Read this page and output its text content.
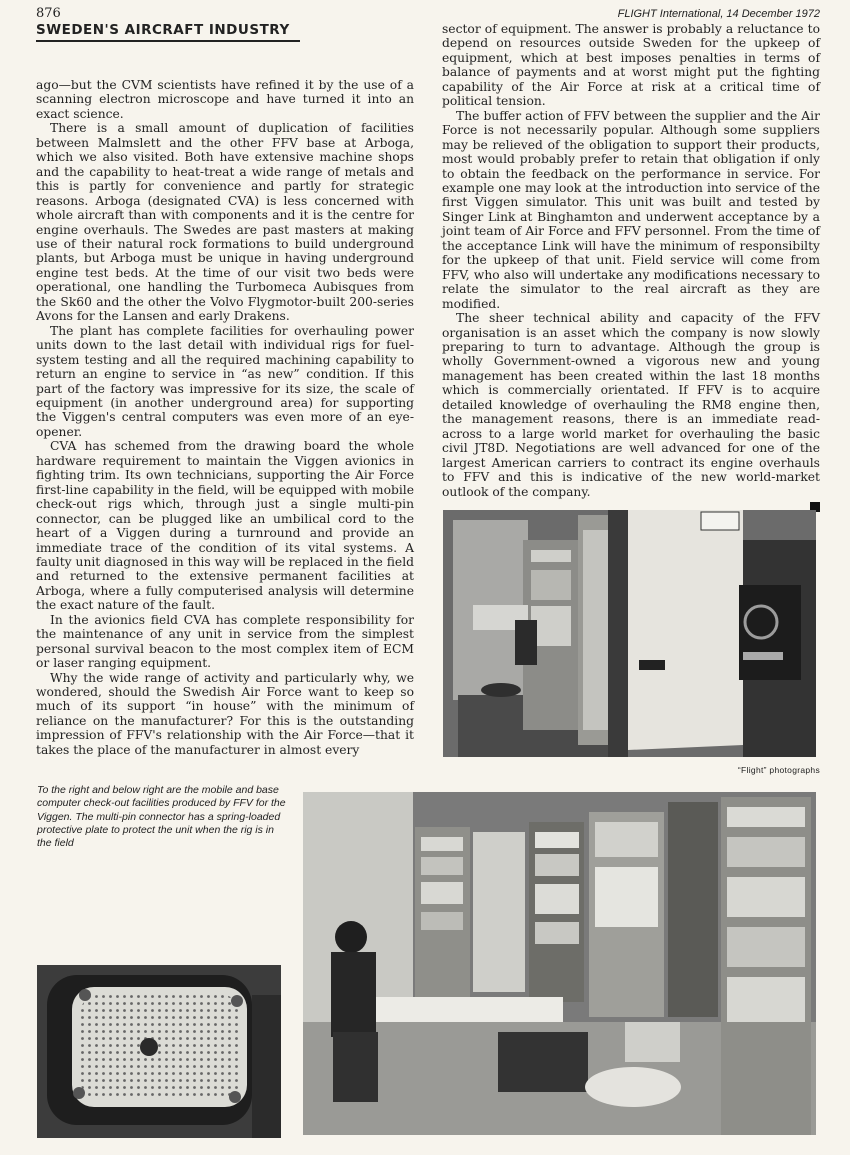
876
SWEDEN'S AIRCRAFT INDUSTRY
FLIGHT International, 14 December 1972

ago—but the CVM scientists have refined it by the use of a scanning electron microscope and have turned it into an exact science.

There is a small amount of duplication of facilities between Malmslett and the other FFV base at Arboga, which we also visited. Both have extensive machine shops and the capability to heat-treat a wide range of metals and this is partly for convenience and partly for strategic reasons. Arboga (designated CVA) is less concerned with whole aircraft than with components and it is the centre for engine overhauls. The Swedes are past masters at making use of their natural rock formations to build underground plants, but Arboga must be unique in having underground engine test beds. At the time of our visit two beds were operational, one handling the Turbomeca Aubisques from the Sk60 and the other the Volvo Flygmotor-built 200-series Avons for the Lansen and early Drakens.

The plant has complete facilities for overhauling power units down to the last detail with individual rigs for fuel-system testing and all the required machining capability to return an engine to service in “as new” condition. If this part of the factory was impressive for its size, the scale of equipment (in another underground area) for supporting the Viggen's central computers was even more of an eye-opener.

CVA has schemed from the drawing board the whole hardware requirement to maintain the Viggen avionics in fighting trim. Its own technicians, supporting the Air Force first-line capability in the field, will be equipped with mobile check-out rigs which, through just a single multi-pin connector, can be plugged like an umbilical cord to the heart of a Viggen during a turnround and provide an immediate trace of the condition of its vital systems. A faulty unit diagnosed in this way will be replaced in the field and returned to the extensive permanent facilities at Arboga, where a fully computerised analysis will determine the exact nature of the fault.

In the avionics field CVA has complete responsibility for the maintenance of any unit in service from the simplest personal survival beacon to the most complex item of ECM or laser ranging equipment.

Why the wide range of activity and particularly why, we wondered, should the Swedish Air Force want to keep so much of its support “in house” with the minimum of reliance on the manufacturer? For this is the outstanding impression of FFV's relationship with the Air Force—that it takes the place of the manufacturer in almost every

sector of equipment. The answer is probably a reluctance to depend on resources outside Sweden for the upkeep of equipment, which at best imposes penalties in terms of balance of payments and at worst might put the fighting capability of the Air Force at risk at a critical time of political tension.

The buffer action of FFV between the supplier and the Air Force is not necessarily popular. Although some suppliers may be relieved of the obligation to support their products, most would probably prefer to retain that obligation if only to obtain the feedback on the performance in service. For example one may look at the introduction into service of the first Viggen simulator. This unit was built and tested by Singer Link at Binghamton and underwent acceptance by a joint team of Air Force and FFV personnel. From the time of the acceptance Link will have the minimum of responsibilty for the upkeep of that unit. Field service will come from FFV, who also will undertake any modifications necessary to relate the simulator to the real aircraft as they are modified.

The sheer technical ability and capacity of the FFV organisation is an asset which the company is now slowly preparing to turn to advantage. Although the group is wholly Government-owned a vigorous new and young management has been created within the last 18 months which is commercially orientated. If FFV is to acquire detailed knowledge of overhauling the RM8 engine then, the management reasons, there is an immediate read-across to a large world market for overhauling the basic civil JT8D. Negotiations are well advanced for one of the largest American carriers to contract its engine overhauls to FFV and this is indicative of the new world-market outlook of the company.

“Flight” photographs
To the right and below right are the mobile and base computer check-out facilities produced by FFV for the Viggen. The multi-pin connector has a spring-loaded protective plate to protect the unit when the rig is in the field
